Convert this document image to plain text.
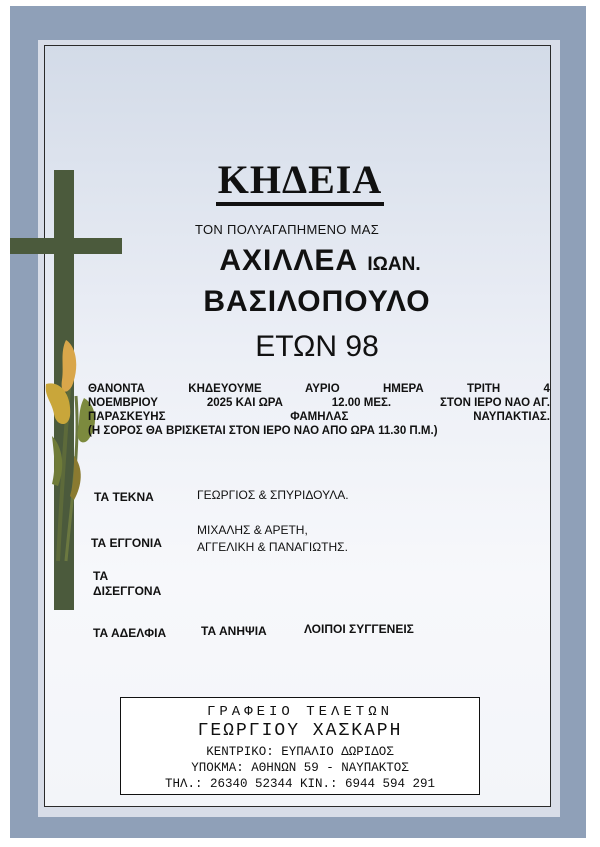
ΚΗΔΕΙΑ
ΤΟΝ ΠΟΛΥΑΓΑΠΗΜΕΝΟ ΜΑΣ
ΑΧΙΛΛΕΑ ΙΩΑΝ.
ΒΑΣΙΛΟΠΟΥΛΟ
ΕΤΩΝ 98
ΘΑΝΟΝΤΑ	ΚΗΔΕΥΟΥΜΕ	ΑΥΡΙΟ	ΗΜΕΡΑ	ΤΡΙΤΗ	4
ΝΟΕΜΒΡΙΟΥ	2025 ΚΑΙ ΩΡΑ	12.00 ΜΕΣ.	ΣΤΟΝ ΙΕΡΟ ΝΑΟ ΑΓ.
ΠΑΡΑΣΚΕΥΗΣ	ΦΑΜΗΛΑΣ	ΝΑΥΠΑΚΤΙΑΣ.
(Η ΣΟΡΟΣ ΘΑ ΒΡΙΣΚΕΤΑΙ ΣΤΟΝ ΙΕΡΟ ΝΑΟ ΑΠΟ ΩΡΑ 11.30 Π.Μ.)
ΤΑ ΤΕΚΝΑ	ΓΕΩΡΓΙΟΣ & ΣΠΥΡΙΔΟΥΛΑ.
ΤΑ ΕΓΓΟΝΙΑ
ΜΙΧΑΛΗΣ & ΑΡΕΤΗ,
ΑΓΓΕΛΙΚΗ & ΠΑΝΑΓΙΩΤΗΣ.
ΤΑ
ΔΙΣΕΓΓΟΝΑ
ΤΑ ΑΔΕΛΦΙΑ	ΤΑ ΑΝΗΨΙΑ	ΛΟΙΠΟΙ ΣΥΓΓΕΝΕΙΣ
ΓΡΑΦΕΙΟ ΤΕΛΕΤΩΝ
ΓΕΩΡΓΙΟΥ ΧΑΣΚΑΡΗ
ΚΕΝΤΡΙΚΟ: ΕΥΠΑΛΙΟ ΔΩΡΙΔΟΣ
ΥΠΟΚΜΑ: ΑΘΗΝΩΝ 59 - ΝΑΥΠΑΚΤΟΣ
ΤΗΛ.: 26340 52344 ΚΙΝ.: 6944 594 291
